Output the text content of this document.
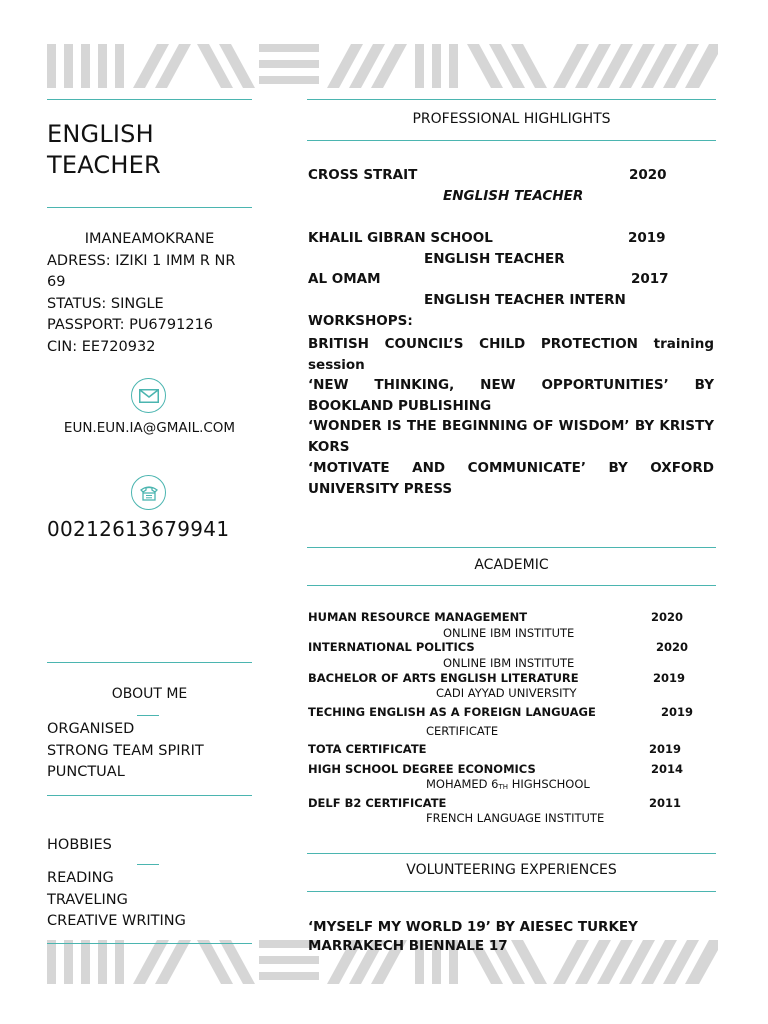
ENGLISH
TEACHER
IMANEAMOKRANE
ADRESS: IZIKI 1 IMM R NR
69
STATUS: SINGLE
PASSPORT: PU6791216
CIN: EE720932
EUN.EUN.IA@GMAIL.COM
00212613679941
OBOUT ME
ORGANISED
STRONG TEAM SPIRIT
PUNCTUAL
HOBBIES
READING
TRAVELING
CREATIVE WRITING
PROFESSIONAL HIGHLIGHTS
CROSS STRAIT	2020
ENGLISH TEACHER
KHALIL GIBRAN SCHOOL	2019
ENGLISH TEACHER
AL OMAM	2017
ENGLISH TEACHER INTERN
WORKSHOPS:
BRITISH COUNCIL’S CHILD PROTECTION training session
‘NEW THINKING, NEW OPPORTUNITIES’ BY BOOKLAND PUBLISHING
‘WONDER IS THE BEGINNING OF WISDOM’ BY KRISTY KORS
‘MOTIVATE AND COMMUNICATE’ BY OXFORD UNIVERSITY PRESS
ACADEMIC
HUMAN RESOURCE MANAGEMENT	2020
ONLINE IBM INSTITUTE
INTERNATIONAL POLITICS	2020
ONLINE IBM INSTITUTE
BACHELOR OF ARTS ENGLISH LITERATURE	2019
CADI AYYAD UNIVERSITY
TECHING ENGLISH AS A FOREIGN LANGUAGE	2019
CERTIFICATE
TOTA CERTIFICATE	2019
HIGH SCHOOL DEGREE ECONOMICS	2014
MOHAMED $6_{TH}$ HIGHSCHOOL
DELF B2 CERTIFICATE	2011
FRENCH LANGUAGE INSTITUTE
VOLUNTEERING EXPERIENCES
‘MYSELF MY WORLD 19’ BY AIESEC TURKEY
MARRAKECH BIENNALE 17
